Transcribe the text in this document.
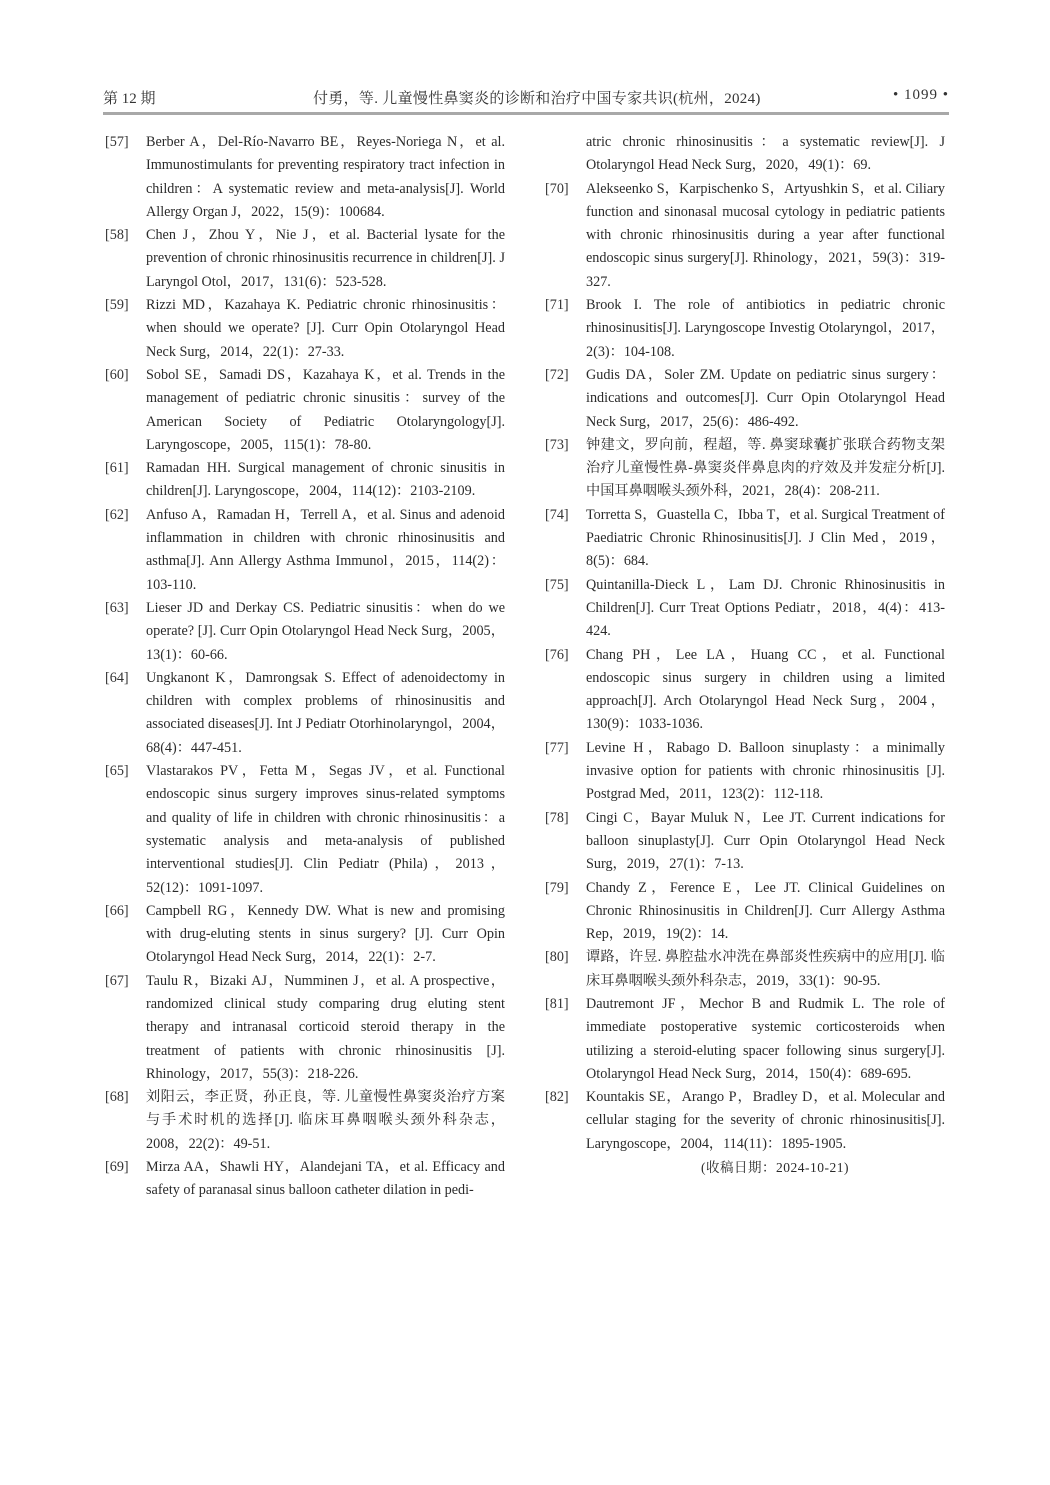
第 12 期	付勇，等. 儿童慢性鼻窦炎的诊断和治疗中国专家共识(杭州，2024)	• 1099 •
[57] Berber A，Del-Río-Navarro BE，Reyes-Noriega N，et al. Immunostimulants for preventing respiratory tract infection in children：A systematic review and meta-analysis[J]. World Allergy Organ J，2022，15(9)：100684.
[58] Chen J，Zhou Y，Nie J，et al. Bacterial lysate for the prevention of chronic rhinosinusitis recurrence in children[J]. J Laryngol Otol，2017，131(6)：523-528.
[59] Rizzi MD，Kazahaya K. Pediatric chronic rhinosinusitis：when should we operate? [J]. Curr Opin Otolaryngol Head Neck Surg，2014，22(1)：27-33.
[60] Sobol SE，Samadi DS，Kazahaya K，et al. Trends in the management of pediatric chronic sinusitis：survey of the American Society of Pediatric Otolaryngology[J]. Laryngoscope，2005，115(1)：78-80.
[61] Ramadan HH. Surgical management of chronic sinusitis in children[J]. Laryngoscope，2004，114(12)：2103-2109.
[62] Anfuso A，Ramadan H，Terrell A，et al. Sinus and adenoid inflammation in children with chronic rhinosinusitis and asthma[J]. Ann Allergy Asthma Immunol，2015，114(2)：103-110.
[63] Lieser JD and Derkay CS. Pediatric sinusitis：when do we operate? [J]. Curr Opin Otolaryngol Head Neck Surg，2005，13(1)：60-66.
[64] Ungkanont K，Damrongsak S. Effect of adenoidectomy in children with complex problems of rhinosinusitis and associated diseases[J]. Int J Pediatr Otorhinolaryngol，2004，68(4)：447-451.
[65] Vlastarakos PV，Fetta M，Segas JV，et al. Functional endoscopic sinus surgery improves sinus-related symptoms and quality of life in children with chronic rhinosinusitis：a systematic analysis and meta-analysis of published interventional studies[J]. Clin Pediatr (Phila)，2013，52(12)：1091-1097.
[66] Campbell RG，Kennedy DW. What is new and promising with drug-eluting stents in sinus surgery? [J]. Curr Opin Otolaryngol Head Neck Surg，2014，22(1)：2-7.
[67] Taulu R，Bizaki AJ，Numminen J，et al. A prospective，randomized clinical study comparing drug eluting stent therapy and intranasal corticoid steroid therapy in the treatment of patients with chronic rhinosinusitis [J]. Rhinology，2017，55(3)：218-226.
[68] 刘阳云，李正贤，孙正良，等. 儿童慢性鼻窦炎治疗方案与手术时机的选择[J]. 临床耳鼻咽喉头颈外科杂志，2008，22(2)：49-51.
[69] Mirza AA，Shawli HY，Alandejani TA，et al. Efficacy and safety of paranasal sinus balloon catheter dilation in pedi-
atric chronic rhinosinusitis：a systematic review[J]. J Otolaryngol Head Neck Surg，2020，49(1)：69.
[70] Alekseenko S，Karpischenko S，Artyushkin S，et al. Ciliary function and sinonasal mucosal cytology in pediatric patients with chronic rhinosinusitis during a year after functional endoscopic sinus surgery[J]. Rhinology，2021，59(3)：319-327.
[71] Brook I. The role of antibiotics in pediatric chronic rhinosinusitis[J]. Laryngoscope Investig Otolaryngol，2017，2(3)：104-108.
[72] Gudis DA，Soler ZM. Update on pediatric sinus surgery：indications and outcomes[J]. Curr Opin Otolaryngol Head Neck Surg，2017，25(6)：486-492.
[73] 钟建文，罗向前，程超，等. 鼻窦球囊扩张联合药物支架治疗儿童慢性鼻-鼻窦炎伴鼻息肉的疗效及并发症分析[J]. 中国耳鼻咽喉头颈外科，2021，28(4)：208-211.
[74] Torretta S，Guastella C，Ibba T，et al. Surgical Treatment of Paediatric Chronic Rhinosinusitis[J]. J Clin Med，2019，8(5)：684.
[75] Quintanilla-Dieck L，Lam DJ. Chronic Rhinosinusitis in Children[J]. Curr Treat Options Pediatr，2018，4(4)：413-424.
[76] Chang PH，Lee LA，Huang CC，et al. Functional endoscopic sinus surgery in children using a limited approach[J]. Arch Otolaryngol Head Neck Surg，2004，130(9)：1033-1036.
[77] Levine H，Rabago D. Balloon sinuplasty：a minimally invasive option for patients with chronic rhinosinusitis [J]. Postgrad Med，2011，123(2)：112-118.
[78] Cingi C，Bayar Muluk N，Lee JT. Current indications for balloon sinuplasty[J]. Curr Opin Otolaryngol Head Neck Surg，2019，27(1)：7-13.
[79] Chandy Z，Ference E，Lee JT. Clinical Guidelines on Chronic Rhinosinusitis in Children[J]. Curr Allergy Asthma Rep，2019，19(2)：14.
[80] 谭路，许昱. 鼻腔盐水冲洗在鼻部炎性疾病中的应用[J]. 临床耳鼻咽喉头颈外科杂志，2019，33(1)：90-95.
[81] Dautremont JF，Mechor B and Rudmik L. The role of immediate postoperative systemic corticosteroids when utilizing a steroid-eluting spacer following sinus surgery[J]. Otolaryngol Head Neck Surg，2014，150(4)：689-695.
[82] Kountakis SE，Arango P，Bradley D，et al. Molecular and cellular staging for the severity of chronic rhinosinusitis[J]. Laryngoscope，2004，114(11)：1895-1905.
(收稿日期：2024-10-21)
